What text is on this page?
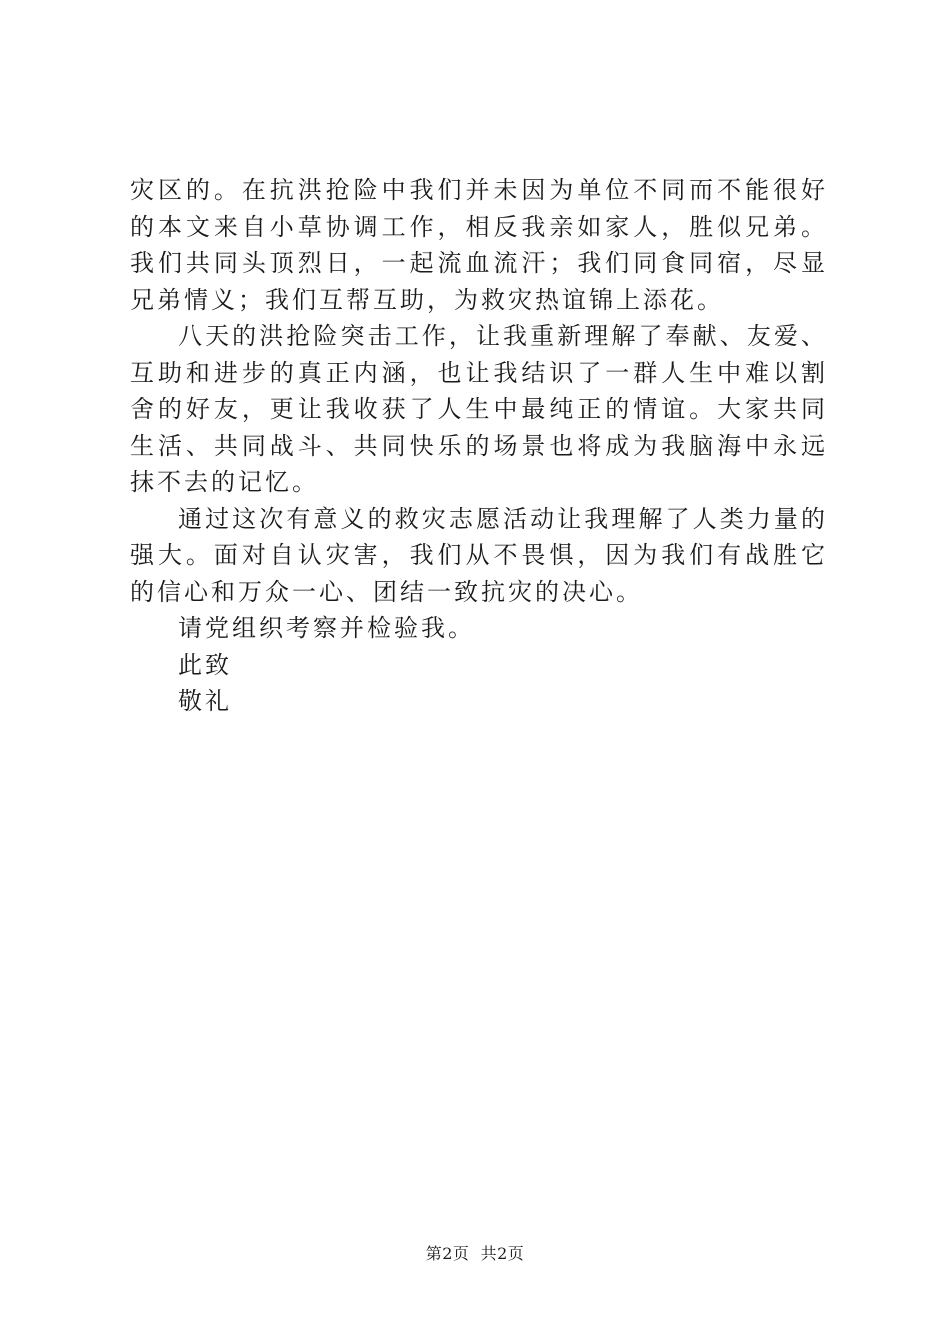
灾区的。在抗洪抢险中我们并未因为单位不同而不能很好的本文来自小草协调工作，相反我亲如家人，胜似兄弟。我们共同头顶烈日，一起流血流汗；我们同食同宿，尽显兄弟情义；我们互帮互助，为救灾热谊锦上添花。

八天的洪抢险突击工作，让我重新理解了奉献、友爱、互助和进步的真正内涵，也让我结识了一群人生中难以割舍的好友，更让我收获了人生中最纯正的情谊。大家共同生活、共同战斗、共同快乐的场景也将成为我脑海中永远抹不去的记忆。

通过这次有意义的救灾志愿活动让我理解了人类力量的强大。面对自认灾害，我们从不畏惧，因为我们有战胜它的信心和万众一心、团结一致抗灾的决心。

请党组织考察并检验我。

此致

敬礼

第2页  共2页
